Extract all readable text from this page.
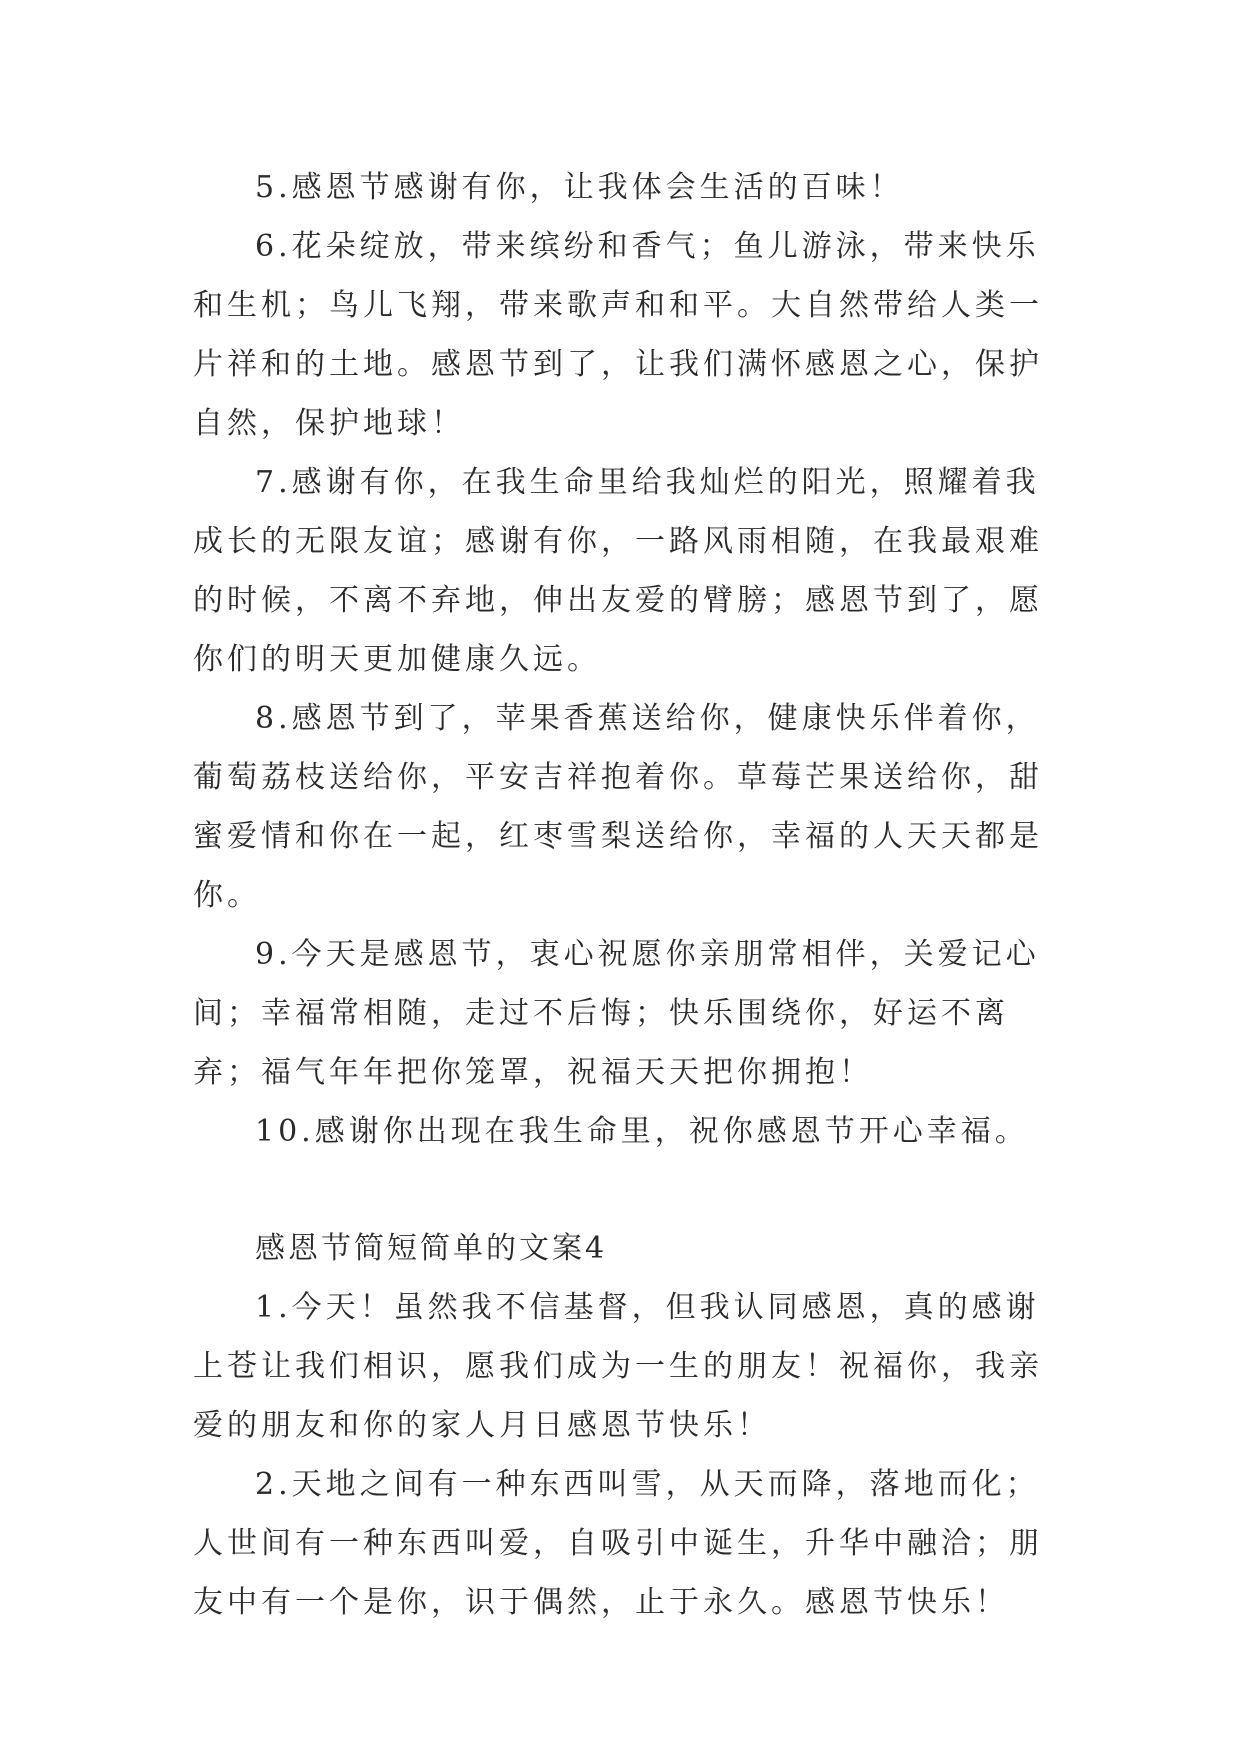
5.感恩节感谢有你，让我体会生活的百味！

6.花朵绽放，带来缤纷和香气；鱼儿游泳，带来快乐和生机；鸟儿飞翔，带来歌声和和平。大自然带给人类一片祥和的土地。感恩节到了，让我们满怀感恩之心，保护自然，保护地球！

7.感谢有你，在我生命里给我灿烂的阳光，照耀着我成长的无限友谊；感谢有你，一路风雨相随，在我最艰难的时候，不离不弃地，伸出友爱的臂膀；感恩节到了，愿你们的明天更加健康久远。

8.感恩节到了，苹果香蕉送给你，健康快乐伴着你，葡萄荔枝送给你，平安吉祥抱着你。草莓芒果送给你，甜蜜爱情和你在一起，红枣雪梨送给你，幸福的人天天都是你。

9.今天是感恩节，衷心祝愿你亲朋常相伴，关爱记心间；幸福常相随，走过不后悔；快乐围绕你，好运不离弃；福气年年把你笼罩，祝福天天把你拥抱！

10.感谢你出现在我生命里，祝你感恩节开心幸福。

感恩节简短简单的文案4

1.今天！虽然我不信基督，但我认同感恩，真的感谢上苍让我们相识，愿我们成为一生的朋友！祝福你，我亲爱的朋友和你的家人月日感恩节快乐！

2.天地之间有一种东西叫雪，从天而降，落地而化；人世间有一种东西叫爱，自吸引中诞生，升华中融洽；朋友中有一个是你，识于偶然，止于永久。感恩节快乐！
